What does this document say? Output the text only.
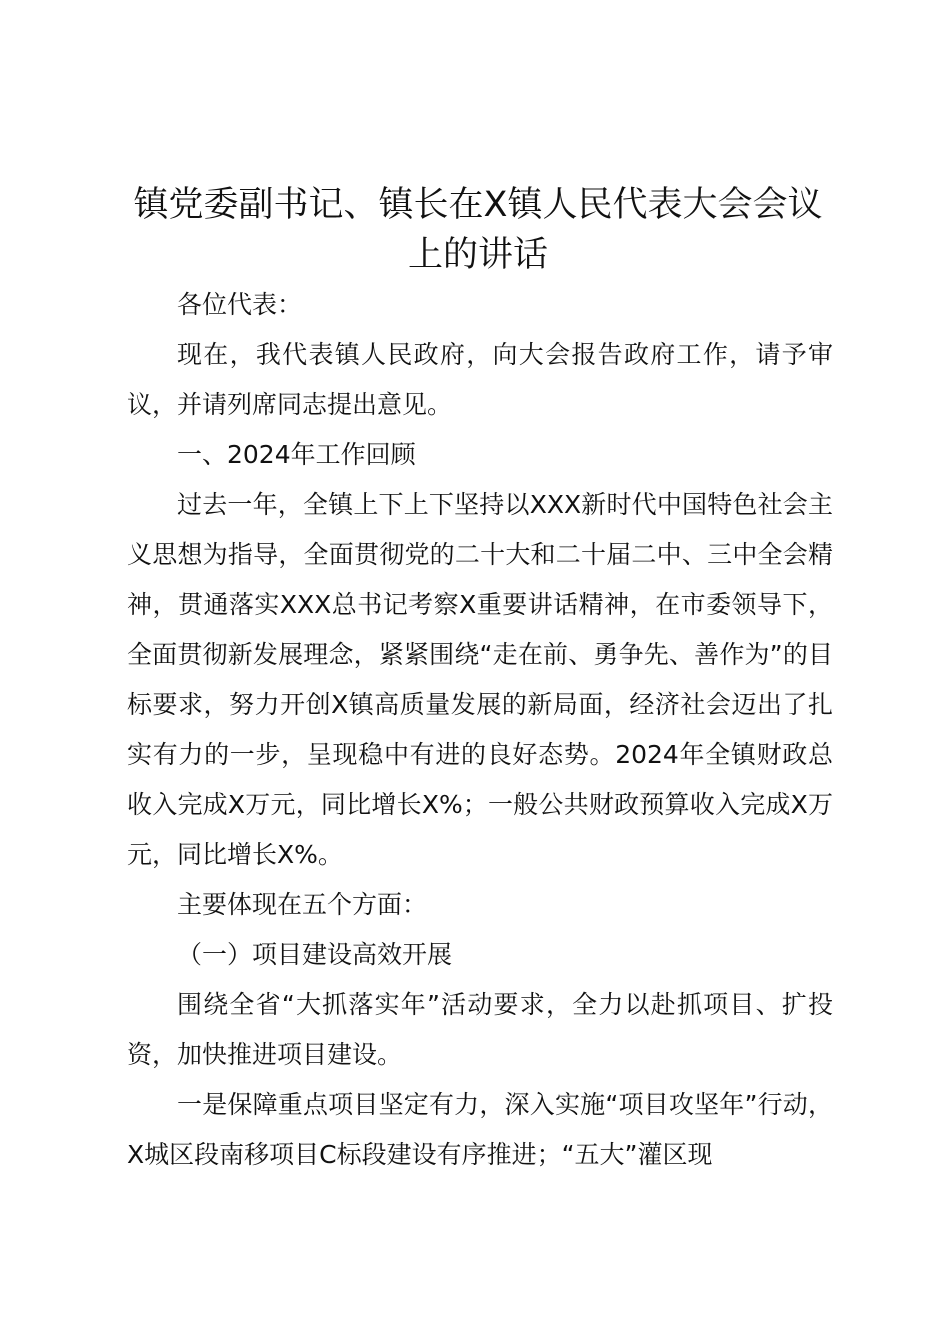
镇党委副书记、镇长在X镇人民代表大会会议上的讲话

各位代表：

现在，我代表镇人民政府，向大会报告政府工作，请予审议，并请列席同志提出意见。

一、2024年工作回顾

过去一年，全镇上下上下坚持以XXX新时代中国特色社会主义思想为指导，全面贯彻党的二十大和二十届二中、三中全会精神，贯通落实XXX总书记考察X重要讲话精神，在市委领导下，全面贯彻新发展理念，紧紧围绕“走在前、勇争先、善作为”的目标要求，努力开创X镇高质量发展的新局面，经济社会迈出了扎实有力的一步，呈现稳中有进的良好态势。2024年全镇财政总收入完成X万元，同比增长X%；一般公共财政预算收入完成X万元，同比增长X%。

主要体现在五个方面：

（一）项目建设高效开展

围绕全省“大抓落实年”活动要求，全力以赴抓项目、扩投资，加快推进项目建设。

一是保障重点项目坚定有力，深入实施“项目攻坚年”行动，X城区段南移项目C标段建设有序推进；“五大”灌区现
